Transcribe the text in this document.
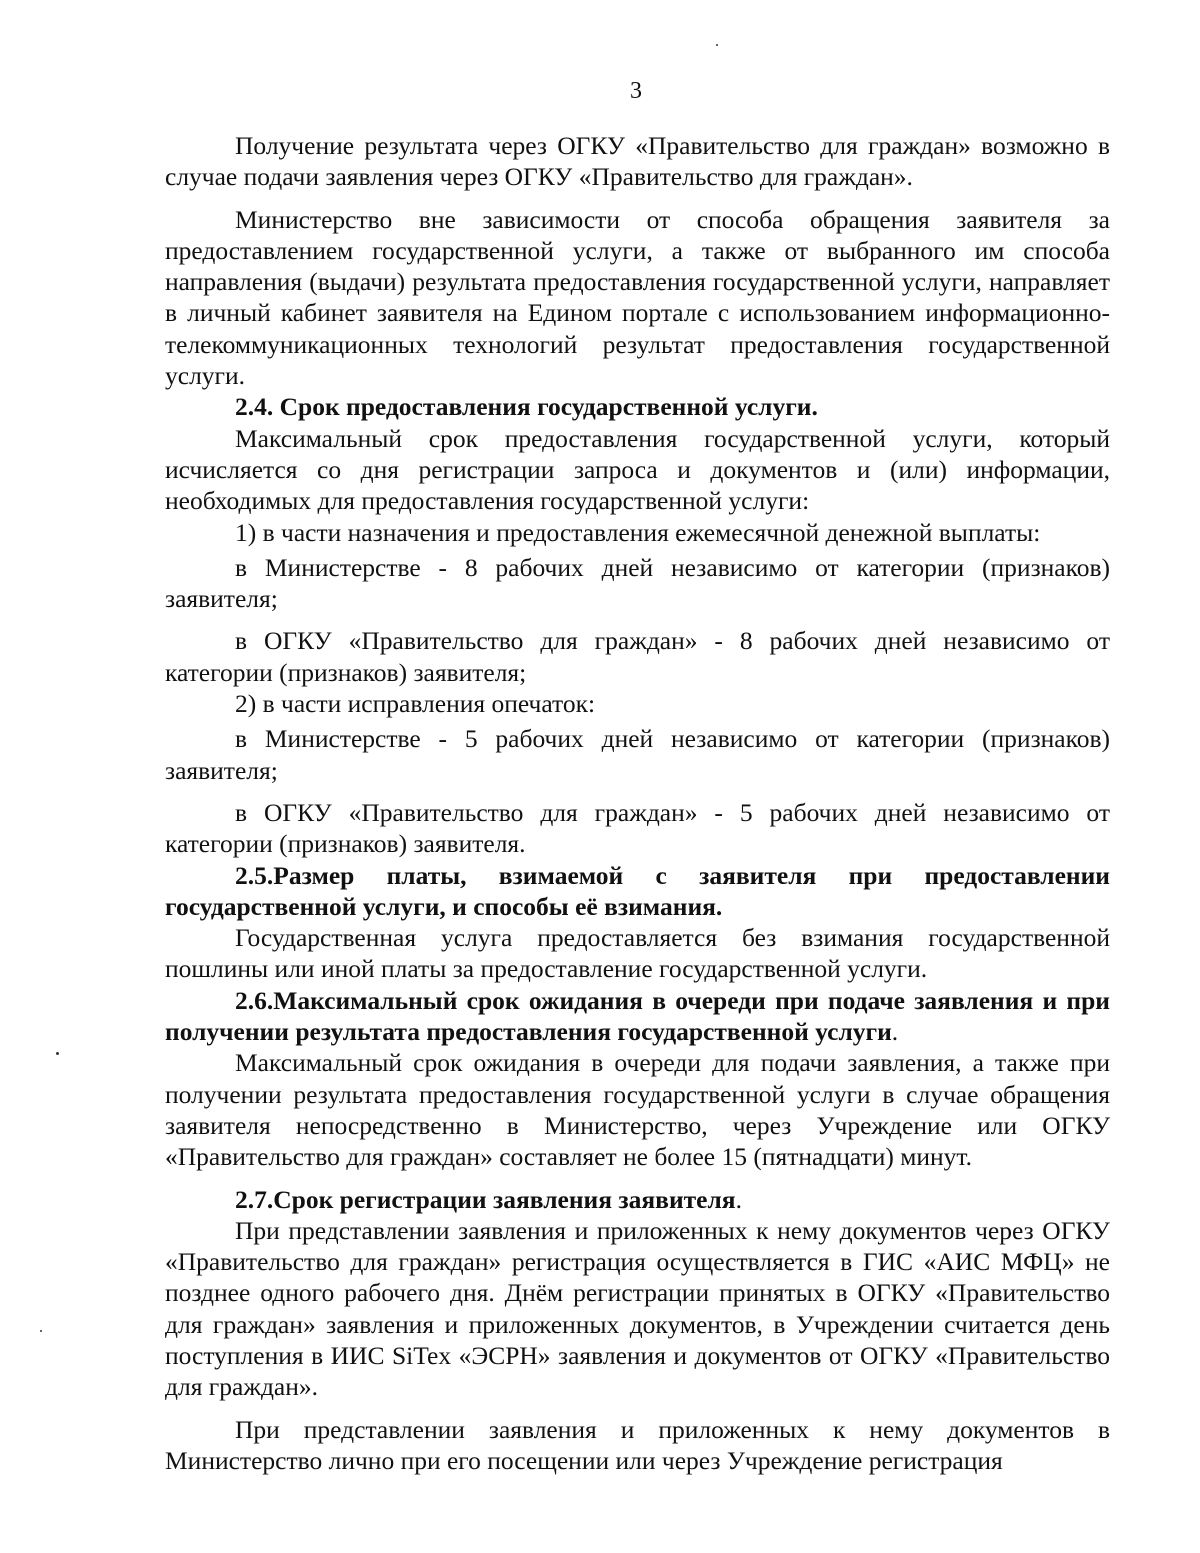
3

Получение результата через ОГКУ «Правительство для граждан» возможно в случае подачи заявления через ОГКУ «Правительство для граждан».

Министерство вне зависимости от способа обращения заявителя за предоставлением государственной услуги, а также от выбранного им способа направления (выдачи) результата предоставления государственной услуги, направляет в личный кабинет заявителя на Едином портале с использованием информационно-телекоммуникационных технологий результат предоставления государственной услуги.

2.4. Срок предоставления государственной услуги.

Максимальный срок предоставления государственной услуги, который исчисляется со дня регистрации запроса и документов и (или) информации, необходимых для предоставления государственной услуги:

1) в части назначения и предоставления ежемесячной денежной выплаты:

в Министерстве - 8 рабочих дней независимо от категории (признаков) заявителя;

в ОГКУ «Правительство для граждан» - 8 рабочих дней независимо от категории (признаков) заявителя;

2) в части исправления опечаток:

в Министерстве - 5 рабочих дней независимо от категории (признаков) заявителя;

в ОГКУ «Правительство для граждан» - 5 рабочих дней независимо от категории (признаков) заявителя.

2.5.Размер платы, взимаемой с заявителя при предоставлении государственной услуги, и способы её взимания.

Государственная услуга предоставляется без взимания государственной пошлины или иной платы за предоставление государственной услуги.

2.6.Максимальный срок ожидания в очереди при подаче заявления и при получении результата предоставления государственной услуги.

Максимальный срок ожидания в очереди для подачи заявления, а также при получении результата предоставления государственной услуги в случае обращения заявителя непосредственно в Министерство, через Учреждение или ОГКУ «Правительство для граждан» составляет не более 15 (пятнадцати) минут.

2.7.Срок регистрации заявления заявителя.

При представлении заявления и приложенных к нему документов через ОГКУ «Правительство для граждан» регистрация осуществляется в ГИС «АИС МФЦ» не позднее одного рабочего дня. Днём регистрации принятых в ОГКУ «Правительство для граждан» заявления и приложенных документов, в Учреждении считается день поступления в ИИС SiTex «ЭСРН» заявления и документов от ОГКУ «Правительство для граждан».

При представлении заявления и приложенных к нему документов в Министерство лично при его посещении или через Учреждение регистрация
